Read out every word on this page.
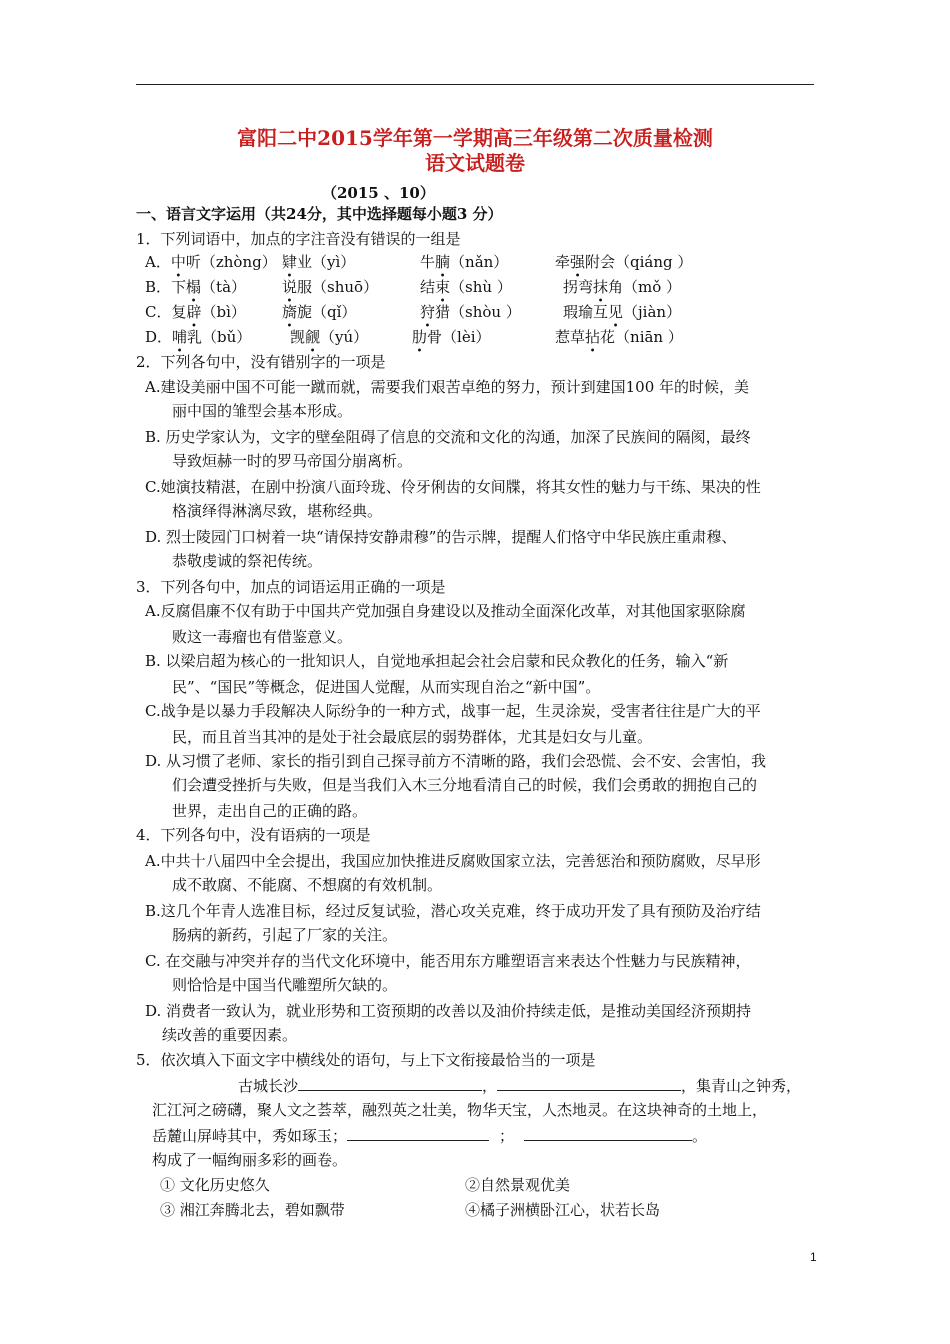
富阳二中2015学年第一学期高三年级第二次质量检测
语文试题卷
（2015 、10）
一、语言文字运用（共24分，其中选择题每小题3 分）
1．下列词语中，加点的字注音没有错误的一组是
A．中听（zhòng） 肄业（yì）	牛腩（nǎn）	牵强附会（qiáng ）
B．下榻（tà） 说服（shuō）	结束（shù ）	拐弯抹角（mǒ ）
C．复辟（bì） 旖旎（qǐ）	狩猎（shòu ）	瑕瑜互见（jiàn）
D．哺乳（bǔ）	觊觎（yú）	肋骨（lèi）	惹草拈花（niān ）
2．下列各句中，没有错别字的一项是
A.建设美丽中国不可能一蹴而就，需要我们艰苦卓绝的努力，预计到建国100 年的时候，美
丽中国的雏型会基本形成。
B. 历史学家认为，文字的壁垒阻碍了信息的交流和文化的沟通，加深了民族间的隔阂，最终
导致烜赫一时的罗马帝国分崩离析。
C.她演技精湛，在剧中扮演八面玲珑、伶牙俐齿的女间牒，将其女性的魅力与干练、果决的性
格演绎得淋漓尽致，堪称经典。
D. 烈士陵园门口树着一块“请保持安静肃穆”的告示牌，提醒人们恪守中华民族庄重肃穆、
恭敬虔诚的祭祀传统。
3．下列各句中，加点的词语运用正确的一项是
A.反腐倡廉不仅有助于中国共产党加强自身建设以及推动全面深化改革，对其他国家驱除腐
败这一毒瘤也有借鉴意义。
B. 以梁启超为核心的一批知识人，自觉地承担起会社会启蒙和民众教化的任务，输入“新
民”、“国民”等概念，促进国人觉醒，从而实现自治之“新中国”。
C.战争是以暴力手段解决人际纷争的一种方式，战事一起，生灵涂炭，受害者往往是广大的平
民，而且首当其冲的是处于社会最底层的弱势群体，尤其是妇女与儿童。
D. 从习惯了老师、家长的指引到自己探寻前方不清晰的路，我们会恐慌、会不安、会害怕，我
们会遭受挫折与失败，但是当我们入木三分地看清自己的时候，我们会勇敢的拥抱自己的
世界，走出自己的正确的路。
4．下列各句中，没有语病的一项是
A.中共十八届四中全会提出，我国应加快推进反腐败国家立法，完善惩治和预防腐败，尽早形
成不敢腐、不能腐、不想腐的有效机制。
B.这几个年青人选准目标，经过反复试验，潜心攻关克难，终于成功开发了具有预防及治疗结
肠病的新药，引起了厂家的关注。
C. 在交融与冲突并存的当代文化环境中，能否用东方雕塑语言来表达个性魅力与民族精神，
则恰恰是中国当代雕塑所欠缺的。
D. 消费者一致认为，就业形势和工资预期的改善以及油价持续走低，是推动美国经济预期持
续改善的重要因素。
5．依次填入下面文字中横线处的语句，与上下文衔接最恰当的一项是
古城长沙	，	，集青山之钟秀，
汇江河之磅礴，聚人文之荟萃，融烈英之壮美，物华天宝，人杰地灵。在这块神奇的土地上，
岳麓山屏峙其中，秀如琢玉；	；	。
构成了一幅绚丽多彩的画卷。
① 文化历史悠久	②自然景观优美
③ 湘江奔腾北去，碧如飘带	④橘子洲横卧江心，状若长岛
1
